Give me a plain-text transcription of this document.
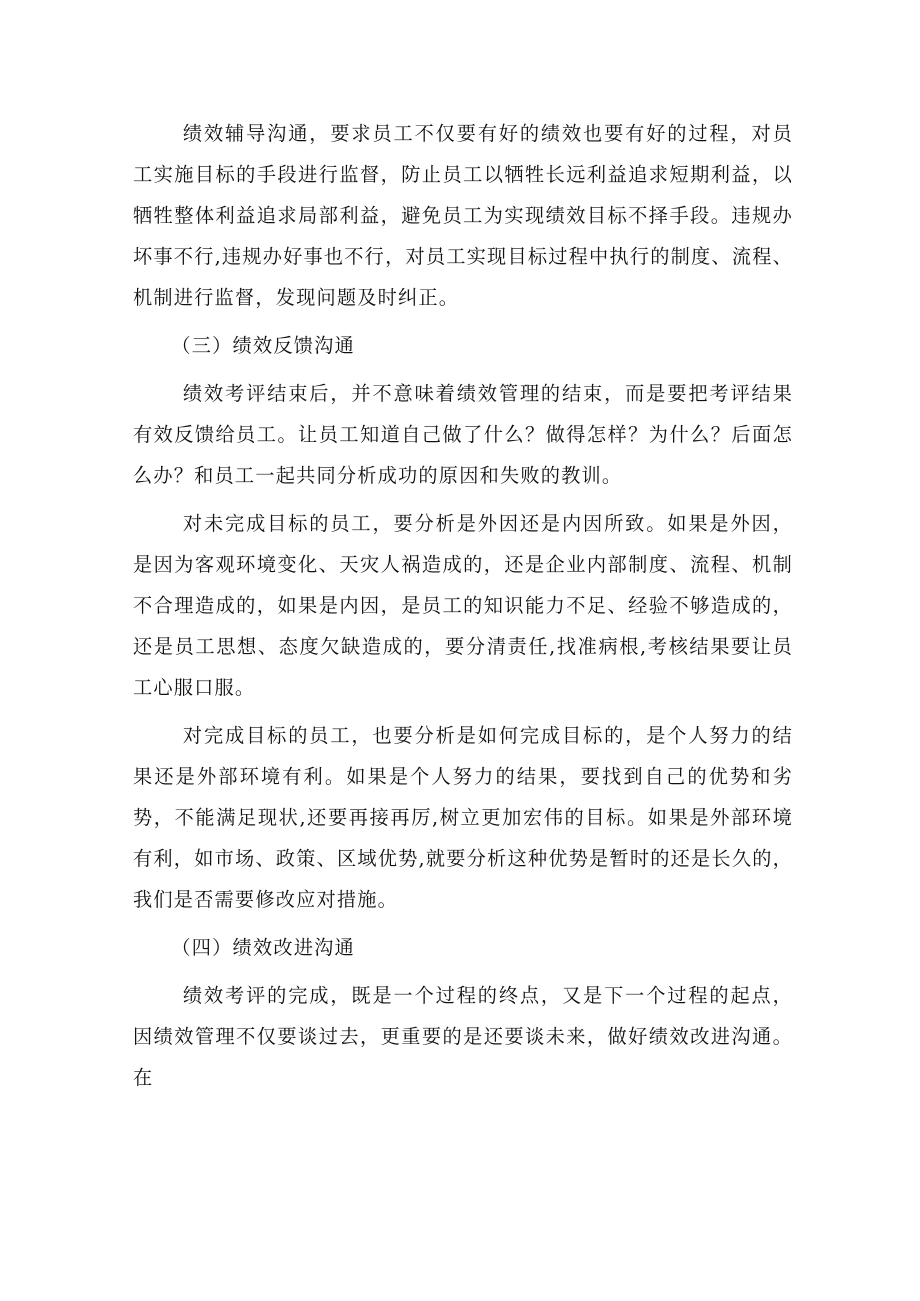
绩效辅导沟通，要求员工不仅要有好的绩效也要有好的过程，对员工实施目标的手段进行监督，防止员工以牺牲长远利益追求短期利益，以牺牲整体利益追求局部利益，避免员工为实现绩效目标不择手段。违规办坏事不行,违规办好事也不行，对员工实现目标过程中执行的制度、流程、机制进行监督，发现问题及时纠正。

（三）绩效反馈沟通

绩效考评结束后，并不意味着绩效管理的结束，而是要把考评结果有效反馈给员工。让员工知道自己做了什么？做得怎样？为什么？后面怎么办？和员工一起共同分析成功的原因和失败的教训。

对未完成目标的员工，要分析是外因还是内因所致。如果是外因，是因为客观环境变化、天灾人祸造成的，还是企业内部制度、流程、机制不合理造成的，如果是内因，是员工的知识能力不足、经验不够造成的，还是员工思想、态度欠缺造成的，要分清责任,找准病根,考核结果要让员工心服口服。

对完成目标的员工，也要分析是如何完成目标的，是个人努力的结果还是外部环境有利。如果是个人努力的结果，要找到自己的优势和劣势，不能满足现状,还要再接再厉,树立更加宏伟的目标。如果是外部环境有利，如市场、政策、区域优势,就要分析这种优势是暂时的还是长久的，我们是否需要修改应对措施。

（四）绩效改进沟通

绩效考评的完成，既是一个过程的终点，又是下一个过程的起点，因绩效管理不仅要谈过去，更重要的是还要谈未来，做好绩效改进沟通。在
